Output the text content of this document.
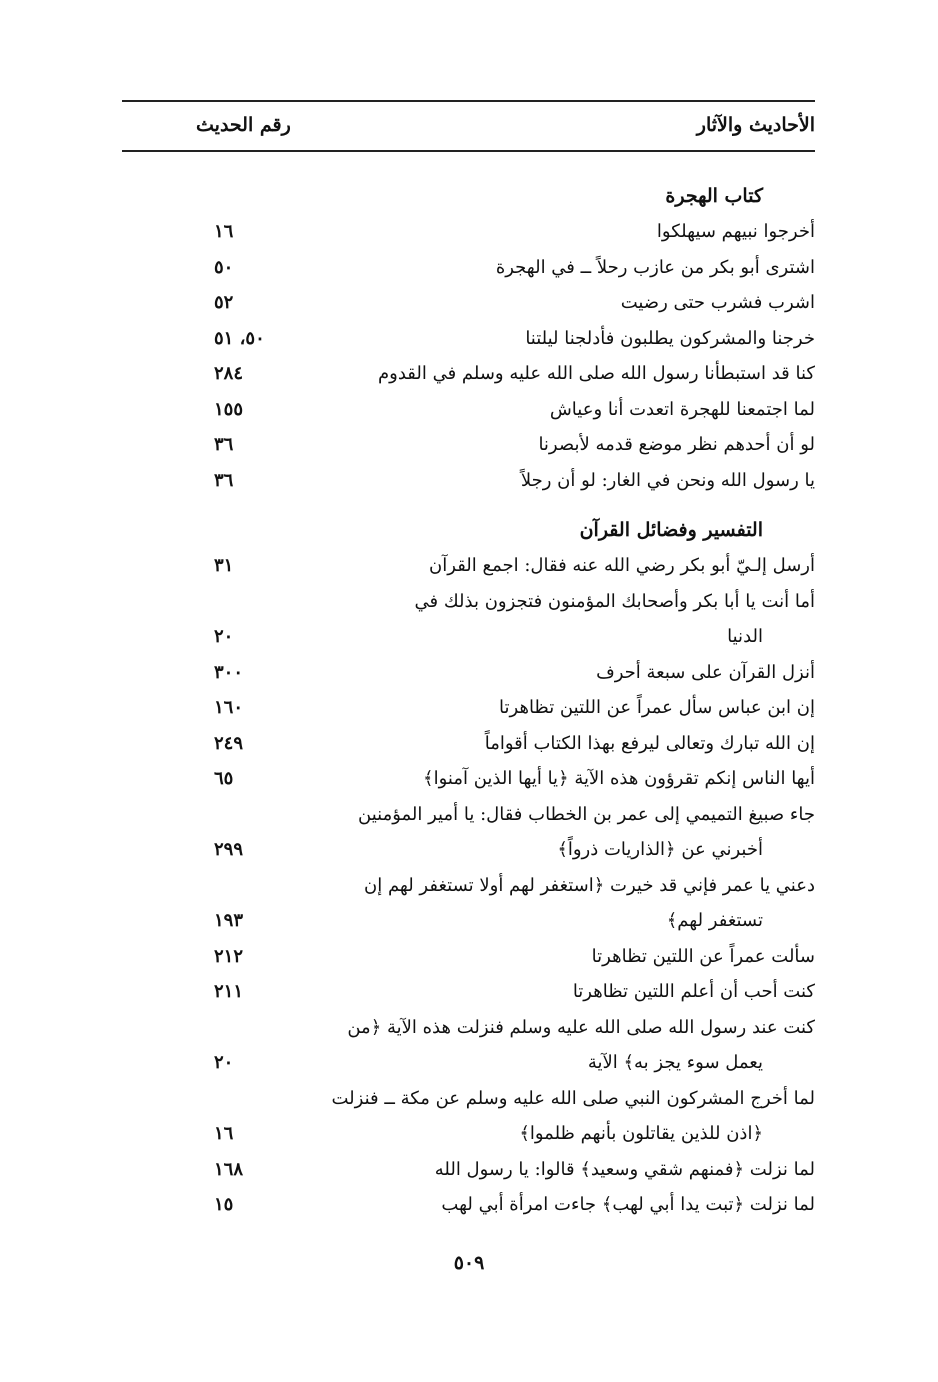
الأحاديث والآثار
رقم الحديث
كتاب الهجرة
أخرجوا نبيهم سيهلكوا
١٦
اشترى أبو بكر من عازب رحلاً ــ في الهجرة
٥٠
اشرب فشرب حتى رضيت
٥٢
خرجنا والمشركون يطلبون فأدلجنا ليلتنا
٥٠، ٥١
كنا قد استبطأنا رسول الله صلى الله عليه وسلم في القدوم
٢٨٤
لما اجتمعنا للهجرة اتعدت أنا وعياش
١٥٥
لو أن أحدهم نظر موضع قدمه لأبصرنا
٣٦
يا رسول الله ونحن في الغار: لو أن رجلاً
٣٦
التفسير وفضائل القرآن
أرسل إلـيّ أبو بكر رضي الله عنه فقال: اجمع القرآن
٣١
أما أنت يا أبا بكر وأصحابك المؤمنون فتجزون بذلك في
الدنيا
٢٠
أنزل القرآن على سبعة أحرف
٣٠٠
إن ابن عباس سأل عمراً عن اللتين تظاهرتا
١٦٠
إن الله تبارك وتعالى ليرفع بهذا الكتاب أقواماً
٢٤٩
أيها الناس إنكم تقرؤون هذه الآية ﴿يا أيها الذين آمنوا﴾
٦٥
جاء صبيغ التميمي إلى عمر بن الخطاب فقال: يا أمير المؤمنين
أخبرني عن ﴿الذاريات ذرواً﴾
٢٩٩
دعني يا عمر فإني قد خيرت ﴿استغفر لهم أولا تستغفر لهم إن
تستغفر لهم﴾
١٩٣
سألت عمراً عن اللتين تظاهرتا
٢١٢
كنت أحب أن أعلم اللتين تظاهرتا
٢١١
كنت عند رسول الله صلى الله عليه وسلم فنزلت هذه الآية ﴿من
يعمل سوء يجز به﴾ الآية
٢٠
لما أخرج المشركون النبي صلى الله عليه وسلم عن مكة ــ فنزلت
﴿اذن للذين يقاتلون بأنهم ظلموا﴾
١٦
لما نزلت ﴿فمنهم شقي وسعيد﴾ قالوا: يا رسول الله
١٦٨
لما نزلت ﴿تبت يدا أبي لهب﴾ جاءت امرأة أبي لهب
١٥
٥٠٩
